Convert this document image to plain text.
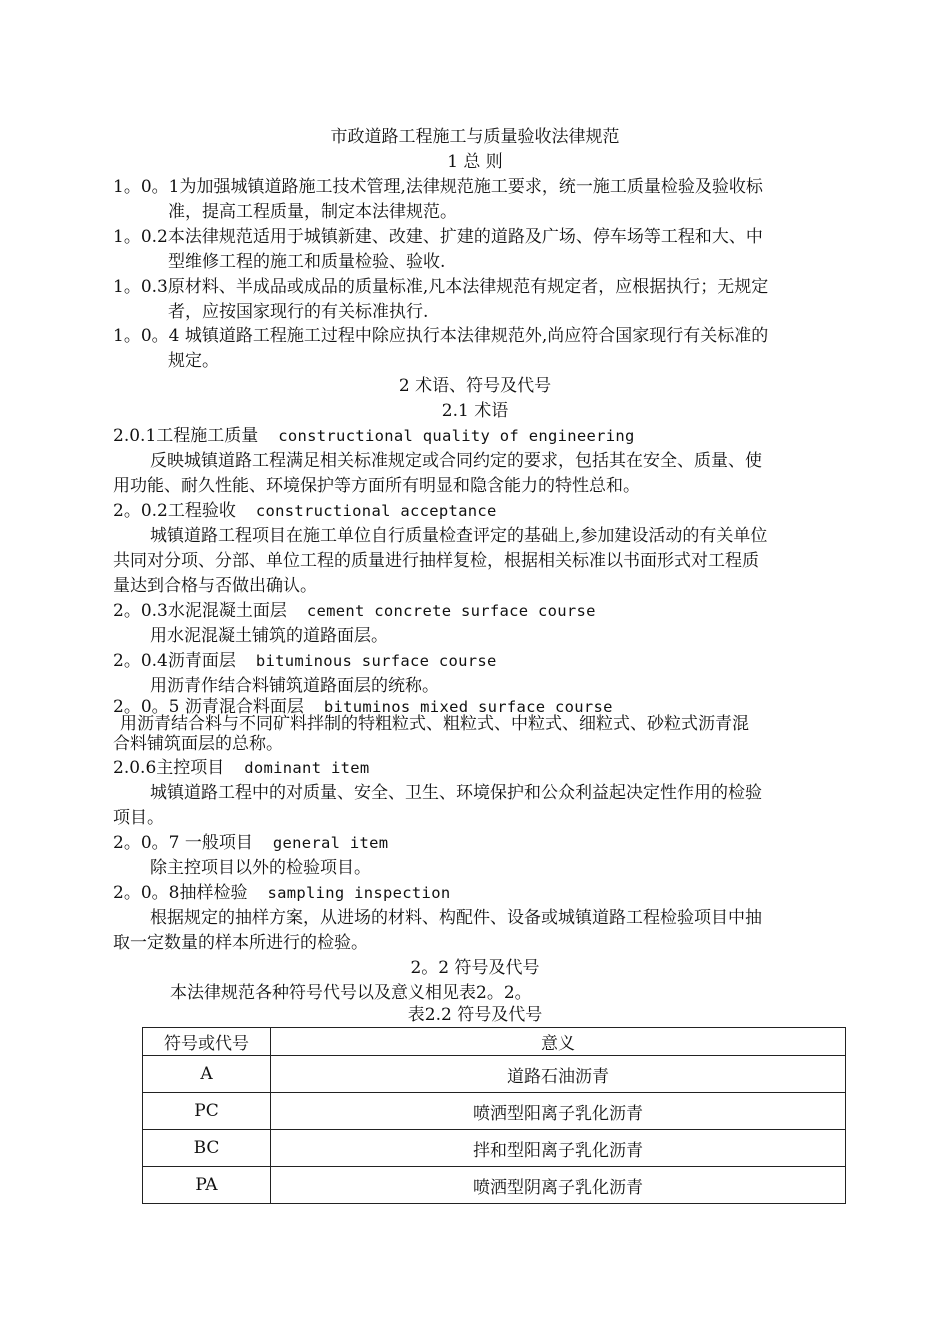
市政道路工程施工与质量验收法律规范
1 总 则
1。0。1为加强城镇道路施工技术管理,法律规范施工要求，统一施工质量检验及验收标
准，提高工程质量，制定本法律规范。
1。0.2本法律规范适用于城镇新建、改建、扩建的道路及广场、停车场等工程和大、中
型维修工程的施工和质量检验、验收.
1。0.3原材料、半成品或成品的质量标准,凡本法律规范有规定者，应根据执行；无规定
者，应按国家现行的有关标准执行.
1。0。4 城镇道路工程施工过程中除应执行本法律规范外,尚应符合国家现行有关标准的
规定。
2 术语、符号及代号
2.1 术语
2.0.1工程施工质量 constructional quality of engineering
反映城镇道路工程满足相关标准规定或合同约定的要求，包括其在安全、质量、使
用功能、耐久性能、环境保护等方面所有明显和隐含能力的特性总和。
2。0.2工程验收 constructional acceptance
城镇道路工程项目在施工单位自行质量检查评定的基础上,参加建设活动的有关单位
共同对分项、分部、单位工程的质量进行抽样复检，根据相关标准以书面形式对工程质
量达到合格与否做出确认。
2。0.3水泥混凝土面层 cement concrete surface course
用水泥混凝土铺筑的道路面层。
2。0.4沥青面层 bituminous surface course
用沥青作结合料铺筑道路面层的统称。
2。0。5 沥青混合料面层 bituminos mixed surface course
用沥青结合料与不同矿料拌制的特粗粒式、粗粒式、中粒式、细粒式、砂粒式沥青混
合料铺筑面层的总称。
2.0.6主控项目 dominant item
城镇道路工程中的对质量、安全、卫生、环境保护和公众利益起决定性作用的检验
项目。
2。0。7 一般项目 general item
除主控项目以外的检验项目。
2。0。8抽样检验 sampling inspection
根据规定的抽样方案，从进场的材料、构配件、设备或城镇道路工程检验项目中抽
取一定数量的样本所进行的检验。
2。2 符号及代号
本法律规范各种符号代号以及意义相见表2。2。
表2.2 符号及代号
符号或代号	意义
A	道路石油沥青
PC	喷洒型阳离子乳化沥青
BC	拌和型阳离子乳化沥青
PA	喷洒型阴离子乳化沥青
